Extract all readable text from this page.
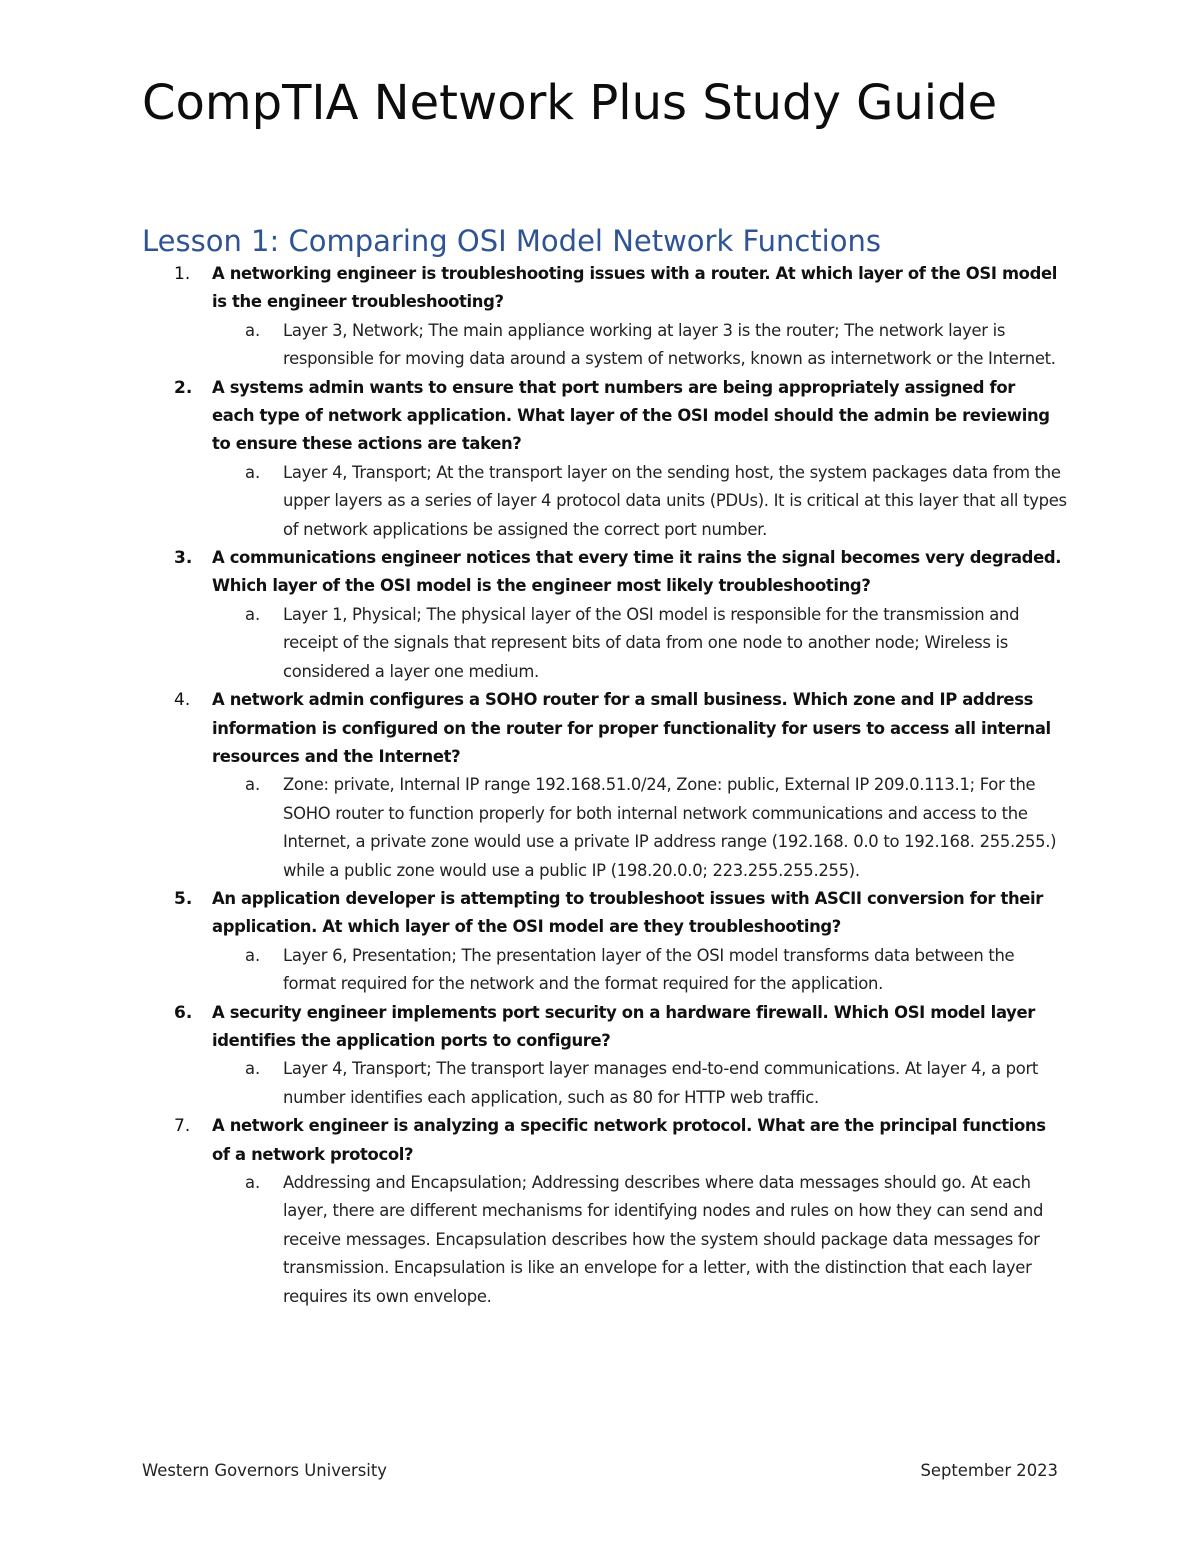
CompTIA Network Plus Study Guide
Lesson 1: Comparing OSI Model Network Functions
1. A networking engineer is troubleshooting issues with a router. At which layer of the OSI model is the engineer troubleshooting?

a. Layer 3, Network; The main appliance working at layer 3 is the router; The network layer is responsible for moving data around a system of networks, known as internetwork or the Internet.

2. A systems admin wants to ensure that port numbers are being appropriately assigned for each type of network application. What layer of the OSI model should the admin be reviewing to ensure these actions are taken?

a. Layer 4, Transport; At the transport layer on the sending host, the system packages data from the upper layers as a series of layer 4 protocol data units (PDUs). It is critical at this layer that all types of network applications be assigned the correct port number.

3. A communications engineer notices that every time it rains the signal becomes very degraded. Which layer of the OSI model is the engineer most likely troubleshooting?

a. Layer 1, Physical; The physical layer of the OSI model is responsible for the transmission and receipt of the signals that represent bits of data from one node to another node; Wireless is considered a layer one medium.

4. A network admin configures a SOHO router for a small business. Which zone and IP address information is configured on the router for proper functionality for users to access all internal resources and the Internet?

a. Zone: private, Internal IP range 192.168.51.0/24, Zone: public, External IP 209.0.113.1; For the SOHO router to function properly for both internal network communications and access to the Internet, a private zone would use a private IP address range (192.168. 0.0 to 192.168. 255.255.) while a public zone would use a public IP (198.20.0.0; 223.255.255.255).

5. An application developer is attempting to troubleshoot issues with ASCII conversion for their application. At which layer of the OSI model are they troubleshooting?

a. Layer 6, Presentation; The presentation layer of the OSI model transforms data between the format required for the network and the format required for the application.

6. A security engineer implements port security on a hardware firewall. Which OSI model layer identifies the application ports to configure?

a. Layer 4, Transport; The transport layer manages end-to-end communications. At layer 4, a port number identifies each application, such as 80 for HTTP web traffic.

7. A network engineer is analyzing a specific network protocol. What are the principal functions of a network protocol?

a. Addressing and Encapsulation; Addressing describes where data messages should go. At each layer, there are different mechanisms for identifying nodes and rules on how they can send and receive messages. Encapsulation describes how the system should package data messages for transmission. Encapsulation is like an envelope for a letter, with the distinction that each layer requires its own envelope.

Western Governors University	September 2023
